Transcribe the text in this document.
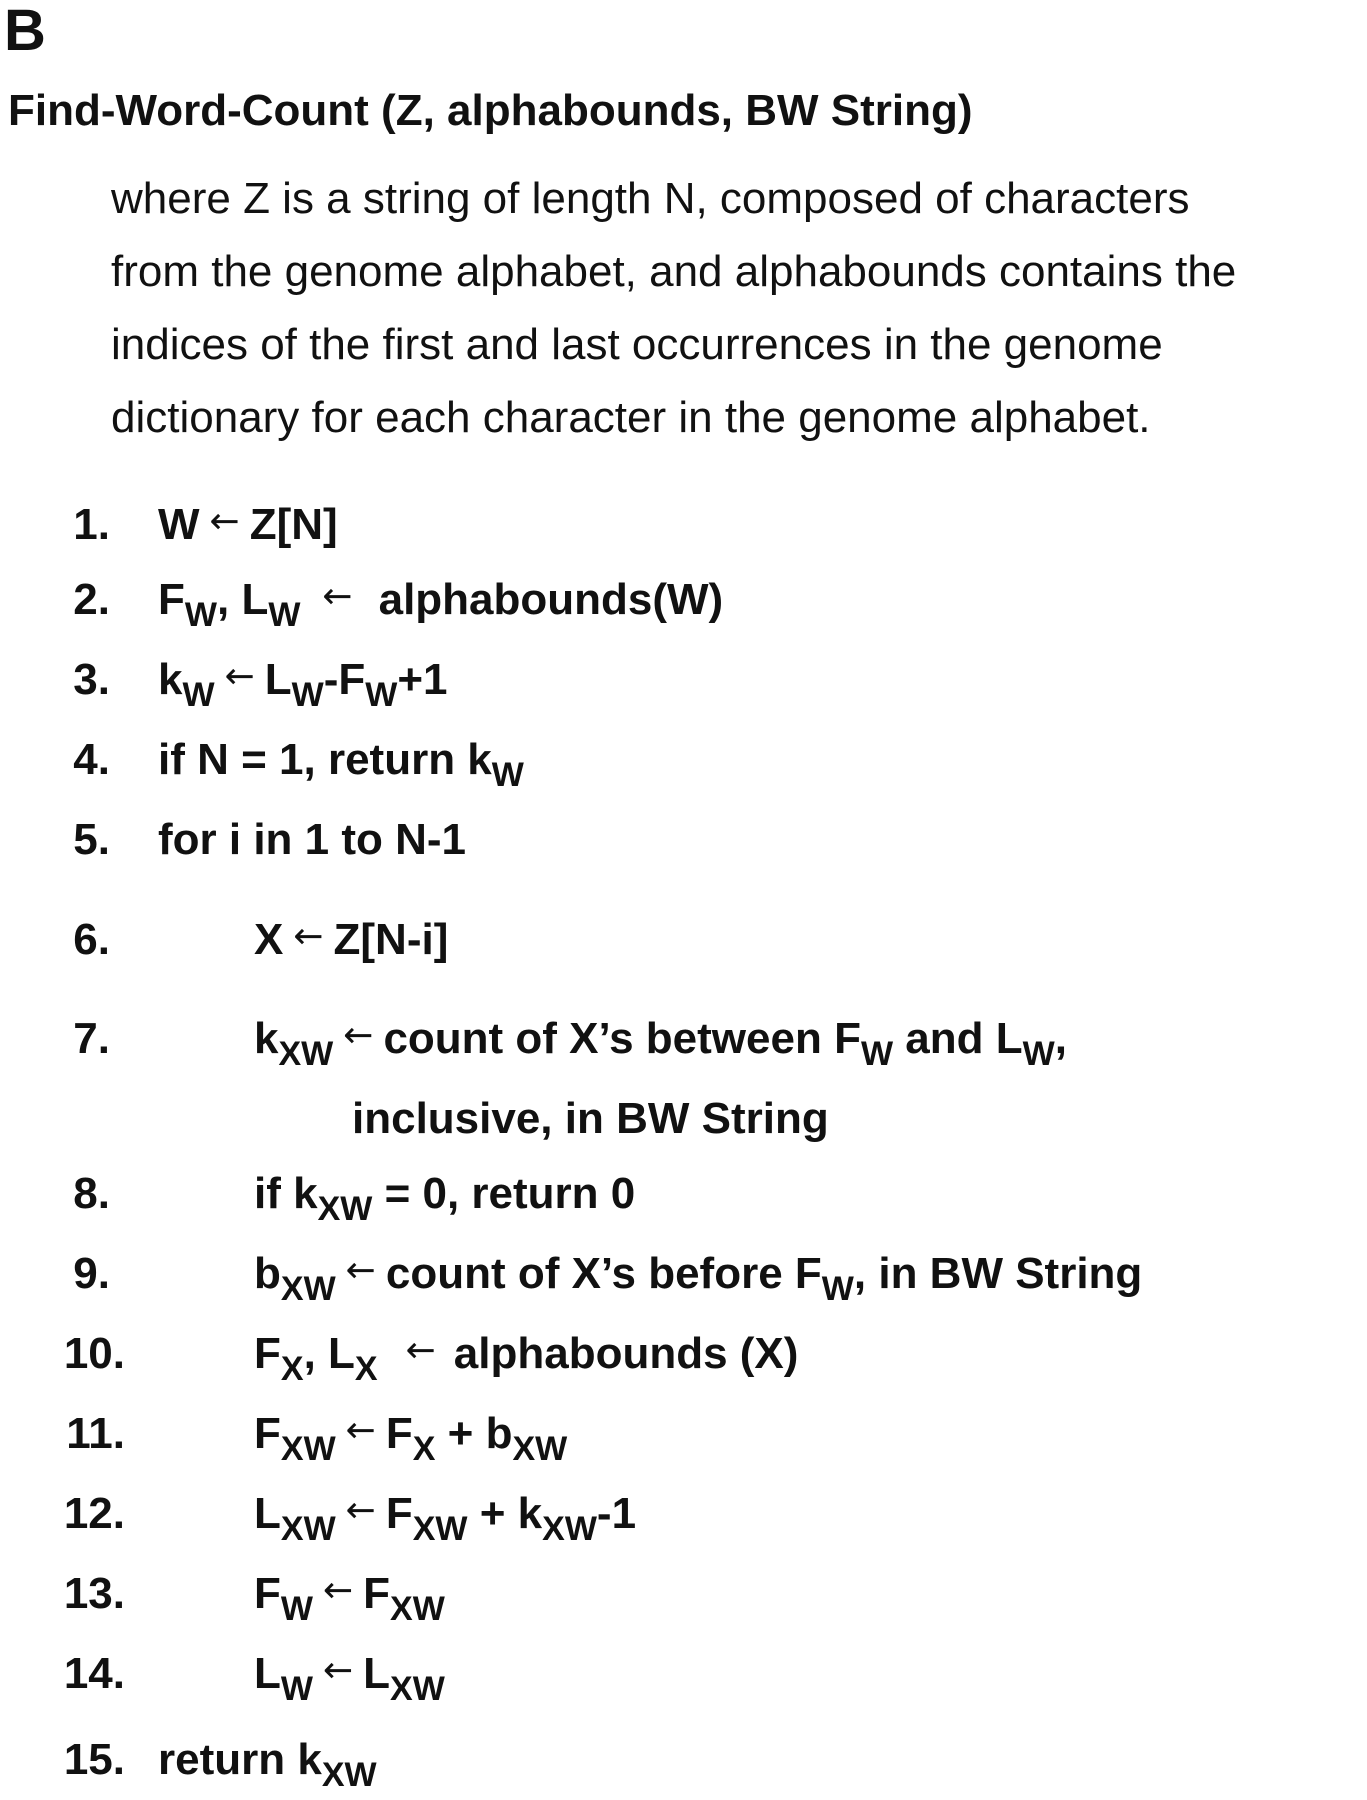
B
Find-Word-Count (Z, alphabounds, BW String)
where Z is a string of length N, composed of characters
from the genome alphabet, and alphabounds contains the
indices of the first and last occurrences in the genome
dictionary for each character in the genome alphabet.
1. W ← Z[N]
2. $F_W$, $L_W$ ← alphabounds(W)
3. $k_W$ ← $L_W-F_W+1$
4. if N = 1, return $k_W$
5. for i in 1 to N-1
6.	X ← Z[N-i]
7.	$k_{XW}$ ← count of X’s between $F_W$ and $L_W$,
inclusive, in BW String
8.	if $k_{XW} = 0$, return 0
9.	$b_{XW}$ ← count of X’s before $F_W$, in BW String
10.	$F_X$, $L_X$ ← alphabounds (X)
11.	$F_{XW}$ ← $F_X + b_{XW}$
12.	$L_{XW}$ ← $F_{XW} + k_{XW}-1$
13.	$F_W$ ← $F_{XW}$
14.	$L_W$ ← $L_{XW}$
15. return $k_{XW}$
